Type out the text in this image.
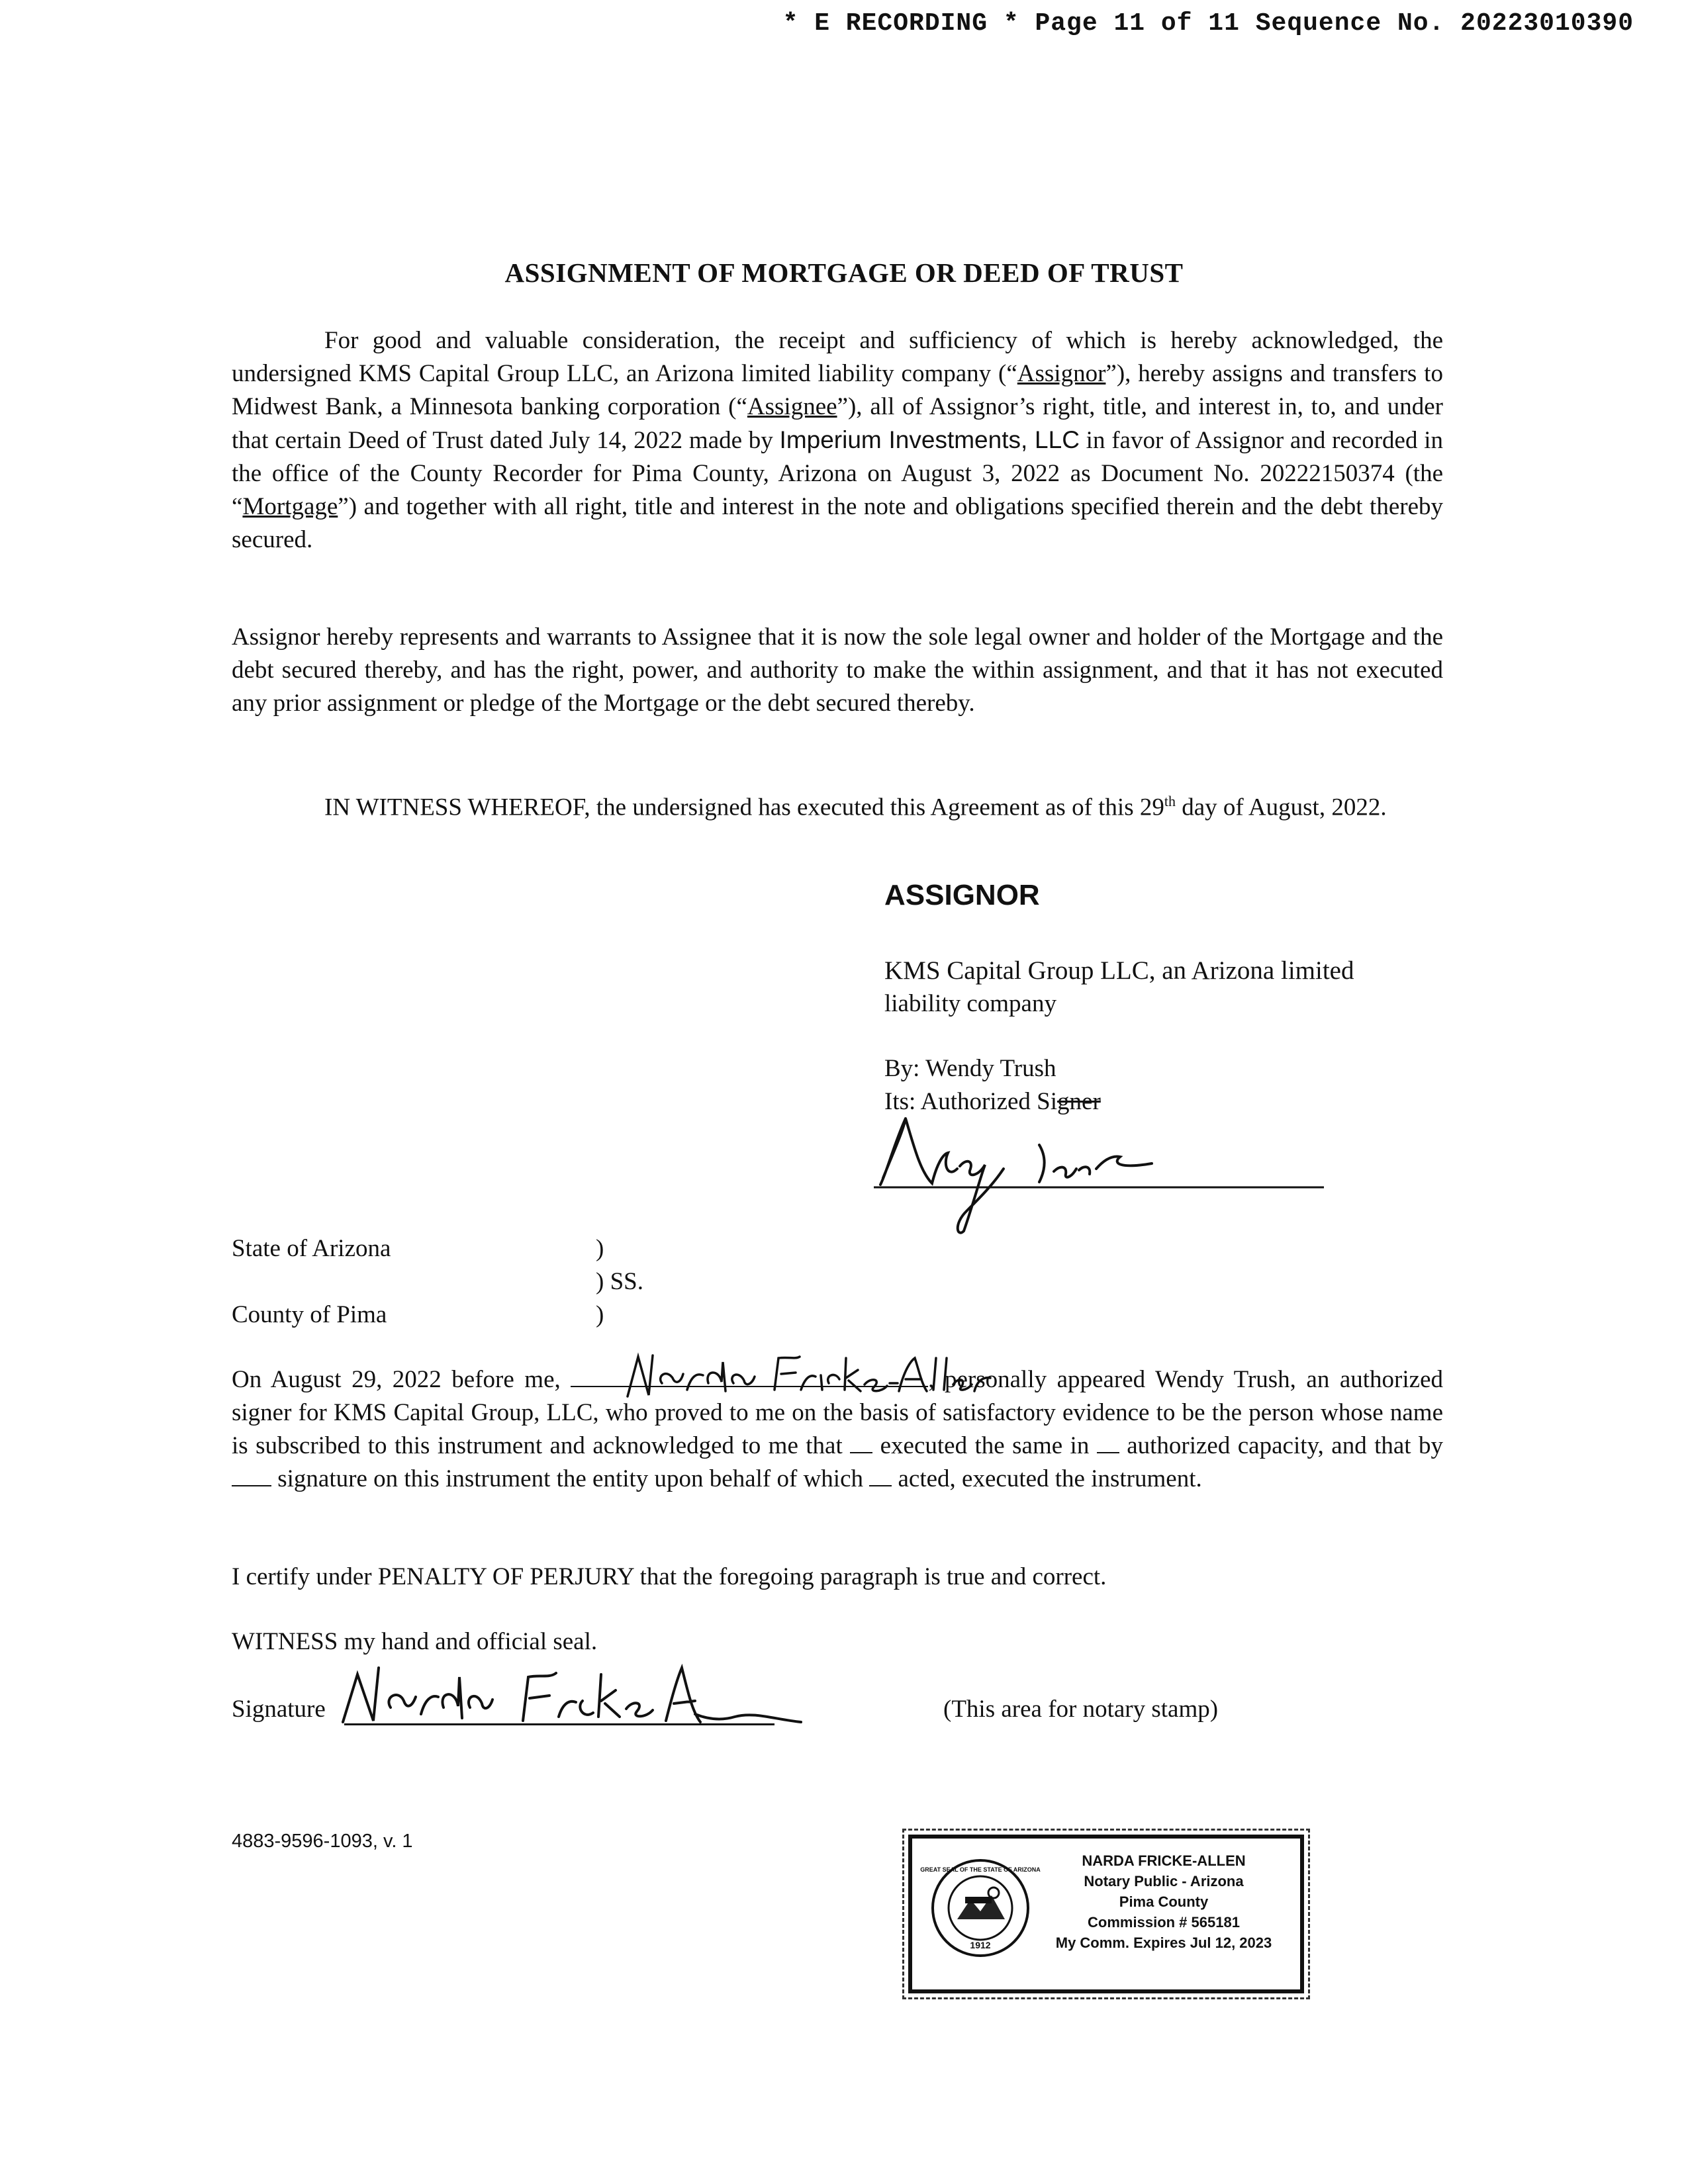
* E RECORDING * Page 11 of 11 Sequence No. 20223010390
ASSIGNMENT OF MORTGAGE OR DEED OF TRUST
For good and valuable consideration, the receipt and sufficiency of which is hereby acknowledged, the undersigned KMS Capital Group LLC, an Arizona limited liability company (“Assignor”), hereby assigns and transfers to Midwest Bank, a Minnesota banking corporation (“Assignee”), all of Assignor’s right, title, and interest in, to, and under that certain Deed of Trust dated July 14, 2022 made by Imperium Investments, LLC in favor of Assignor and recorded in the office of the County Recorder for Pima County, Arizona on August 3, 2022 as Document No. 20222150374 (the “Mortgage”) and together with all right, title and interest in the note and obligations specified therein and the debt thereby secured.
Assignor hereby represents and warrants to Assignee that it is now the sole legal owner and holder of the Mortgage and the debt secured thereby, and has the right, power, and authority to make the within assignment, and that it has not executed any prior assignment or pledge of the Mortgage or the debt secured thereby.
IN WITNESS WHEREOF, the undersigned has executed this Agreement as of this 29th day of August, 2022.
ASSIGNOR
KMS Capital Group LLC, an Arizona limited
liability company
By: Wendy Trush
Its: Authorized Signer
State of Arizona	)
) SS.
County of Pima	)
On August 29, 2022 before me,	, personally appeared Wendy Trush, an authorized signer for KMS Capital Group, LLC, who proved to me on the basis of satisfactory evidence to be the person whose name is subscribed to this instrument and acknowledged to me that executed the same in authorized capacity, and that by  signature on this instrument the entity upon behalf of which acted, executed the instrument.
I certify under PENALTY OF PERJURY that the foregoing paragraph is true and correct.
WITNESS my hand and official seal.
Signature	(This area for notary stamp)
4883-9596-1093, v. 1
1912
GREAT SEAL OF THE STATE OF ARIZONA
NARDA FRICKE-ALLEN
Notary Public - Arizona
Pima County
Commission # 565181
My Comm. Expires Jul 12, 2023
